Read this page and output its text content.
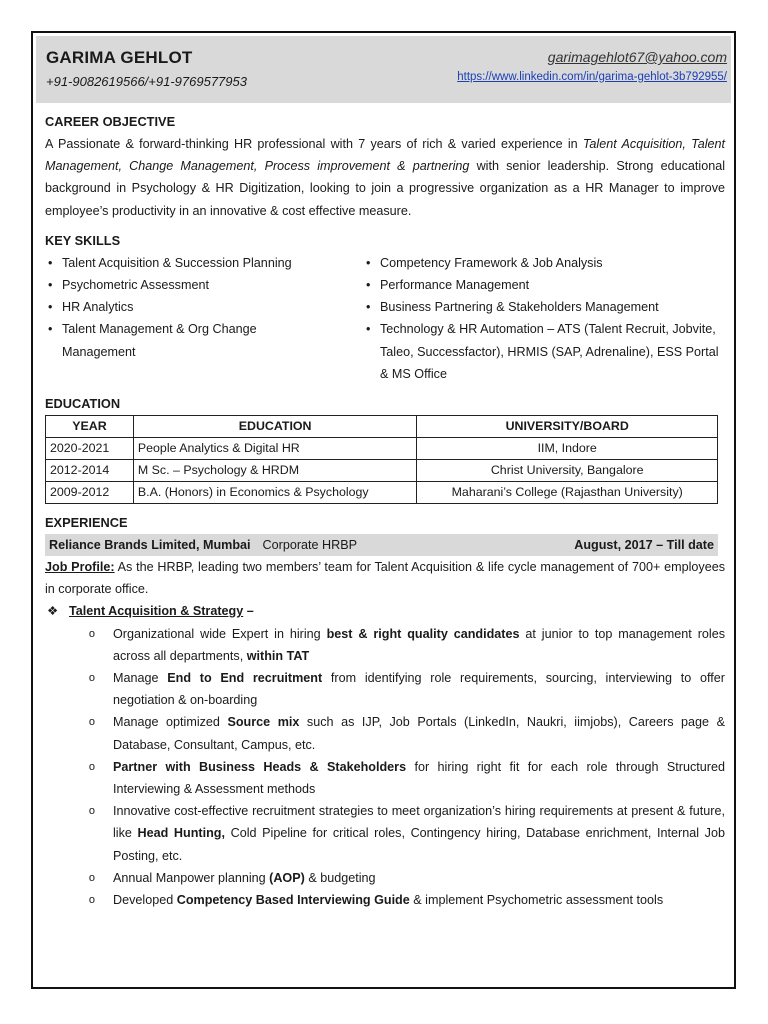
GARIMA GEHLOT
+91-9082619566/+91-9769577953
garimagehlot67@yahoo.com
https://www.linkedin.com/in/garima-gehlot-3b792955/

CAREER OBJECTIVE

A Passionate & forward-thinking HR professional with 7 years of rich & varied experience in Talent Acquisition, Talent Management, Change Management, Process improvement & partnering with senior leadership. Strong educational background in Psychology & HR Digitization, looking to join a progressive organization as a HR Manager to improve employee’s productivity in an innovative & cost effective measure.

KEY SKILLS

• Talent Acquisition & Succession Planning
• Psychometric Assessment
• HR Analytics
• Talent Management & Org Change Management
• Competency Framework & Job Analysis
• Performance Management
• Business Partnering & Stakeholders Management
• Technology & HR Automation – ATS (Talent Recruit, Jobvite, Taleo, Successfactor), HRMIS (SAP, Adrenaline), ESS Portal & MS Office

EDUCATION

YEAR	EDUCATION	UNIVERSITY/BOARD
2020-2021	People Analytics & Digital HR	IIM, Indore
2012-2014	M Sc. – Psychology & HRDM	Christ University, Bangalore
2009-2012	B.A. (Honors) in Economics & Psychology	Maharani’s College (Rajasthan University)

EXPERIENCE

Reliance Brands Limited, Mumbai Corporate HRBP	August, 2017 – Till date

Job Profile: As the HRBP, leading two members’ team for Talent Acquisition & life cycle management of 700+ employees in corporate office.

❖ Talent Acquisition & Strategy –

o	Organizational wide Expert in hiring best & right quality candidates at junior to top management roles across all departments, within TAT
o	Manage End to End recruitment from identifying role requirements, sourcing, interviewing to offer negotiation & on-boarding
o	Manage optimized Source mix such as IJP, Job Portals (LinkedIn, Naukri, iimjobs), Careers page & Database, Consultant, Campus, etc.
o	Partner with Business Heads & Stakeholders for hiring right fit for each role through Structured Interviewing & Assessment methods
o	Innovative cost-effective recruitment strategies to meet organization’s hiring requirements at present & future, like Head Hunting, Cold Pipeline for critical roles, Contingency hiring, Database enrichment, Internal Job Posting, etc.
o	Annual Manpower planning (AOP) & budgeting
o	Developed Competency Based Interviewing Guide & implement Psychometric assessment tools
